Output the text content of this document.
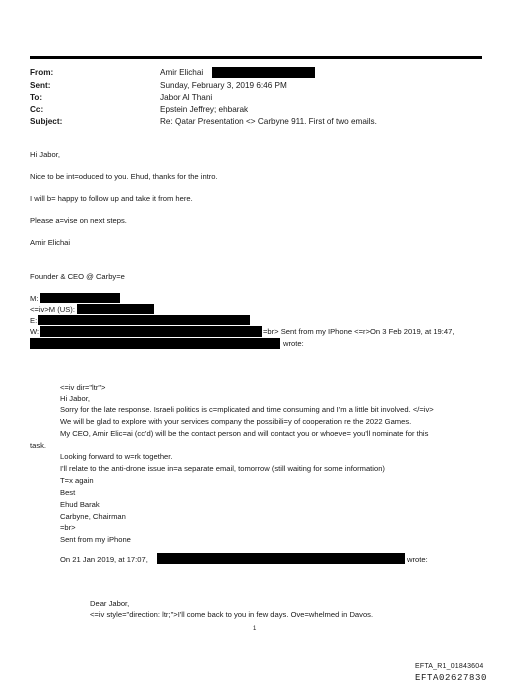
From:	Amir Elichai
Sent:	Sunday, February 3, 2019 6:46 PM
To:	Jabor Al Thani
Cc:	Epstein Jeffrey; ehbarak
Subject:	Re: Qatar Presentation <> Carbyne 911. First of two emails.
Hi Jabor,
Nice to be int=oduced to you. Ehud, thanks for the intro.
I will b= happy to follow up and take it from here.
Please a=vise on next steps.
Amir Elichai
Founder & CEO @ Carby=e
M:
<=iv>M (US):
E:
W:	=br> Sent from my IPhone <=r>On 3 Feb 2019, at 19:47,
wrote:
<=iv dir="ltr">
Hi Jabor,
Sorry for the late response. Israeli politics is c=mplicated and time consuming and I'm a little bit involved. </=iv>
We will be glad to explore with your services company the possibili=y of cooperation re the 2022 Games.
My CEO, Amir Elic=ai (cc'd) will be the contact person and will contact you or whoeve= you'll nominate for this
task.
Looking forward to w=rk together.
I'll relate to the anti-drone issue in=a separate email, tomorrow (still waiting for some information)
T=x again
Best
Ehud Barak
Carbyne, Chairman
=br>
Sent from my iPhone
On 21 Jan 2019, at 17:07,	wrote:
Dear Jabor,
<=iv style="direction: ltr;">I'll come back to you in few days. Ove=whelmed in Davos.
1
EFTA_R1_01843604
EFTA02627830
